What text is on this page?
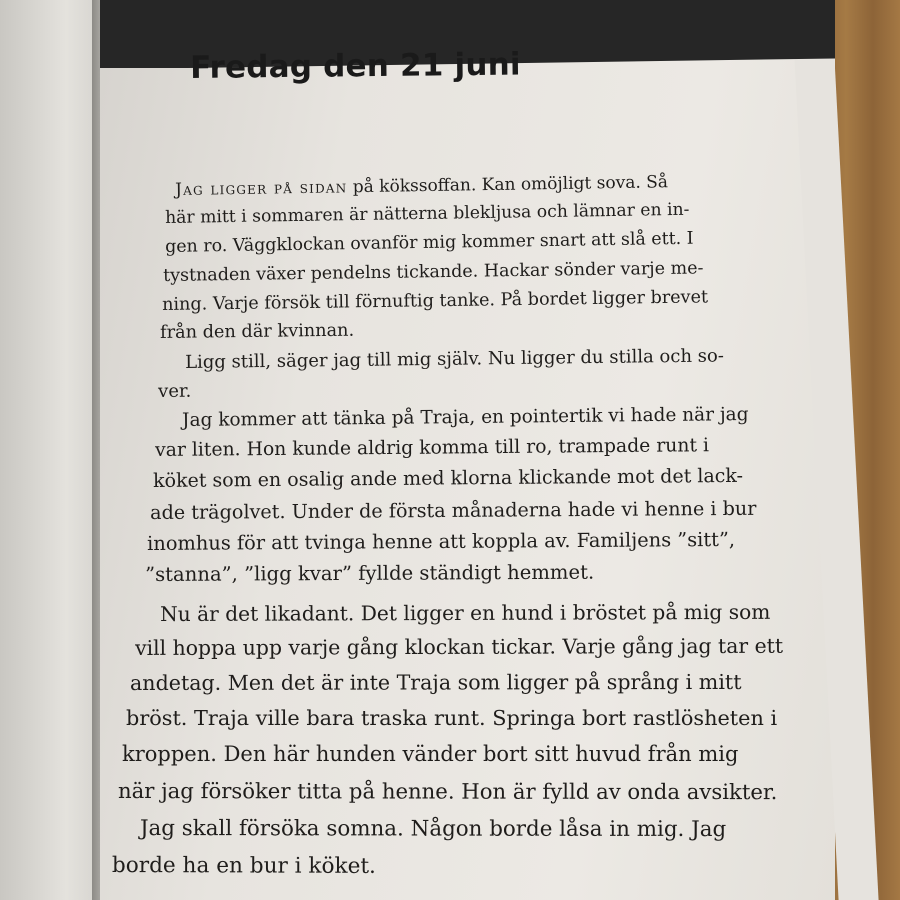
Fredag den 21 juni
Jag ligger på sidan på kökssoffan. Kan omöjligt sova. Så
här mitt i sommaren är nätterna blekljusa och lämnar en in-
gen ro. Väggklockan ovanför mig kommer snart att slå ett. I
tystnaden växer pendelns tickande. Hackar sönder varje me-
ning. Varje försök till förnuftig tanke. På bordet ligger brevet
från den där kvinnan.
Ligg still, säger jag till mig själv. Nu ligger du stilla och so-
ver.
Jag kommer att tänka på Traja, en pointertik vi hade när jag
var liten. Hon kunde aldrig komma till ro, trampade runt i
köket som en osalig ande med klorna klickande mot det lack-
ade trägolvet. Under de första månaderna hade vi henne i bur
inomhus för att tvinga henne att koppla av. Familjens ”sitt”,
”stanna”, ”ligg kvar” fyllde ständigt hemmet.
Nu är det likadant. Det ligger en hund i bröstet på mig som
vill hoppa upp varje gång klockan tickar. Varje gång jag tar ett
andetag. Men det är inte Traja som ligger på språng i mitt
bröst. Traja ville bara traska runt. Springa bort rastlösheten i
kroppen. Den här hunden vänder bort sitt huvud från mig
när jag försöker titta på henne. Hon är fylld av onda avsikter.
Jag skall försöka somna. Någon borde låsa in mig. Jag
borde ha en bur i köket.
